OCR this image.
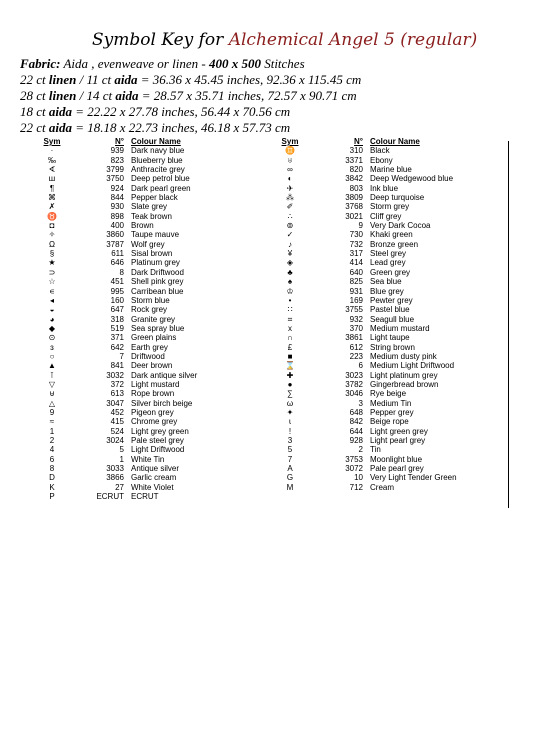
Symbol Key for Alchemical Angel 5 (regular)
Fabric: Aida , evenweave or linen - 400 x 500 Stitches
22 ct linen / 11 ct aida = 36.36 x 45.45 inches, 92.36 x 115.45 cm
28 ct linen / 14 ct aida = 28.57 x 35.71 inches, 72.57 x 90.71 cm
18 ct aida = 22.22 x 27.78 inches, 56.44 x 70.56 cm
22 ct aida = 18.18 x 22.73 inches, 46.18 x 57.73 cm
Sym	N°	Colour Name
·	939	Dark navy blue
‰	823	Blueberry blue
∢	3799	Anthracite grey
ш	3750	Deep petrol blue
¶	924	Dark pearl green
⌘	844	Pepper black
✗	930	Slate grey
♉	898	Teak brown
◘	400	Brown
✧	3860	Taupe mauve
Ω	3787	Wolf grey
§	611	Sisal brown
★	646	Platinum grey
⊃	8	Dark Driftwood
☆	451	Shell pink grey
∊	995	Carribean blue
◂	160	Storm blue
◒	647	Rock grey
◕	318	Granite grey
◆	519	Sea spray blue
⊙	371	Green plains
ɜ	642	Earth grey
○	7	Driftwood
▲	841	Deer brown
⊺	3032	Dark antique silver
▽	372	Light mustard
⊎	613	Rope brown
△	3047	Silver birch beige
9	452	Pigeon grey
≈	415	Chrome grey
1	524	Light grey green
2	3024	Pale steel grey
4	5	Light Driftwood
6	1	White Tin
8	3033	Antique silver
D	3866	Garlic cream
K	27	White Violet
P	ECRUT	ECRUT
Sym	N°	Colour Name
♊	310	Black
♅	3371	Ebony
∞	820	Marine blue
◐	3842	Deep Wedgewood blue
✈	803	Ink blue
⁂	3809	Deep turquoise
✐	3768	Storm grey
∴	3021	Cliff grey
⊚	9	Very Dark Cocoa
✓	730	Khaki green
♪	732	Bronze green
¥	317	Steel grey
◈	414	Lead grey
♣	640	Green grey
♠	825	Sea blue
♔	931	Blue grey
•	169	Pewter grey
∷	3755	Pastel blue
⌗	932	Seagull blue
x	370	Medium mustard
∩	3861	Light taupe
£	612	String brown
■	223	Medium dusty pink
⌛	6	Medium Light Driftwood
✚	3023	Light platinum grey
●	3782	Gingerbread brown
∑	3046	Rye beige
ω	3	Medium Tin
✦	648	Pepper grey
ɩ	842	Beige rope
!	644	Light green grey
3	928	Light pearl grey
5	2	Tin
7	3753	Moonlight blue
A	3072	Pale pearl grey
G	10	Very Light Tender Green
M	712	Cream
